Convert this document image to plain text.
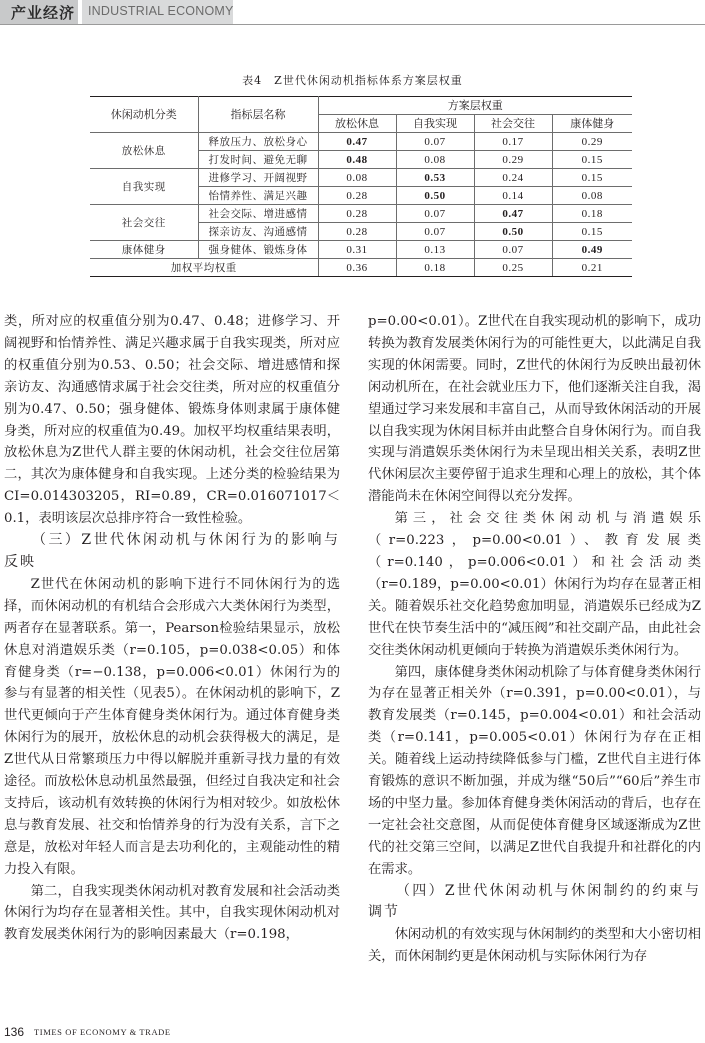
产业经济 INDUSTRIAL ECONOMY
表4　Z世代休闲动机指标体系方案层权重
休闲动机分类	指标层名称	方案层权重			
		放松休息	自我实现	社会交往	康体健身
放松休息	释放压力、放松身心	0.47	0.07	0.17	0.29
	打发时间、避免无聊	0.48	0.08	0.29	0.15
自我实现	进修学习、开阔视野	0.08	0.53	0.24	0.15
	怡情养性、满足兴趣	0.28	0.50	0.14	0.08
社会交往	社会交际、增进感情	0.28	0.07	0.47	0.18
	探亲访友、沟通感情	0.28	0.07	0.50	0.15
康体健身	强身健体、锻炼身体	0.31	0.13	0.07	0.49
加权平均权重		0.36	0.18	0.25	0.21

类，所对应的权重值分别为0.47、0.48；进修学习、开阔视野和怡情养性、满足兴趣求属于自我实现类，所对应的权重值分别为0.53、0.50；社会交际、增进感情和探亲访友、沟通感情求属于社会交往类，所对应的权重值分别为0.47、0.50；强身健体、锻炼身体则隶属于康体健身类，所对应的权重值为0.49。加权平均权重结果表明，放松休息为Z世代人群主要的休闲动机，社会交往位居第二，其次为康体健身和自我实现。上述分类的检验结果为CI=0.014303205，RI=0.89，CR=0.016071017＜0.1，表明该层次总排序符合一致性检验。

（三）Z世代休闲动机与休闲行为的影响与反映

Z世代在休闲动机的影响下进行不同休闲行为的选择，而休闲动机的有机结合会形成六大类休闲行为类型，两者存在显著联系。第一，Pearson检验结果显示，放松休息对消遣娱乐类（r=0.105，p=0.038<0.05）和体育健身类（r=−0.138，p=0.006<0.01）休闲行为的参与有显著的相关性（见表5）。在休闲动机的影响下，Z世代更倾向于产生体育健身类休闲行为。通过体育健身类休闲行为的展开，放松休息的动机会获得极大的满足，是Z世代从日常繁琐压力中得以解脱并重新寻找力量的有效途径。而放松休息动机虽然最强，但经过自我决定和社会支持后，该动机有效转换的休闲行为相对较少。如放松休息与教育发展、社交和怡情养身的行为没有关系，言下之意是，放松对年轻人而言是去功利化的，主观能动性的精力投入有限。

第二，自我实现类休闲动机对教育发展和社会活动类休闲行为均存在显著相关性。其中，自我实现休闲动机对教育发展类休闲行为的影响因素最大（r=0.198，

p=0.00<0.01）。Z世代在自我实现动机的影响下，成功转换为教育发展类休闲行为的可能性更大，以此满足自我实现的休闲需要。同时，Z世代的休闲行为反映出最初休闲动机所在，在社会就业压力下，他们逐渐关注自我，渴望通过学习来发展和丰富自己，从而导致休闲活动的开展以自我实现为休闲目标并由此整合自身休闲行为。而自我实现与消遣娱乐类休闲行为未呈现出相关关系，表明Z世代休闲层次主要停留于追求生理和心理上的放松，其个体潜能尚未在休闲空间得以充分发挥。

第三，社会交往类休闲动机与消遣娱乐（r=0.223，p=0.00<0.01）、教育发展类（r=0.140，p=0.006<0.01）和社会活动类（r=0.189，p=0.00<0.01）休闲行为均存在显著正相关。随着娱乐社交化趋势愈加明显，消遣娱乐已经成为Z世代在快节奏生活中的“减压阀”和社交副产品，由此社会交往类休闲动机更倾向于转换为消遣娱乐类休闲行为。

第四，康体健身类休闲动机除了与体育健身类休闲行为存在显著正相关外（r=0.391，p=0.00<0.01），与教育发展类（r=0.145，p=0.004<0.01）和社会活动类（r=0.141，p=0.005<0.01）休闲行为存在正相关。随着线上运动持续降低参与门槛，Z世代自主进行体育锻炼的意识不断加强，并成为继“50后”“60后”养生市场的中坚力量。参加体育健身类休闲活动的背后，也存在一定社会社交意图，从而促使体育健身区域逐渐成为Z世代的社交第三空间，以满足Z世代自我提升和社群化的内在需求。

（四）Z世代休闲动机与休闲制约的约束与调节

休闲动机的有效实现与休闲制约的类型和大小密切相关，而休闲制约更是休闲动机与实际休闲行为存

136 TIMES OF ECONOMY & TRADE
